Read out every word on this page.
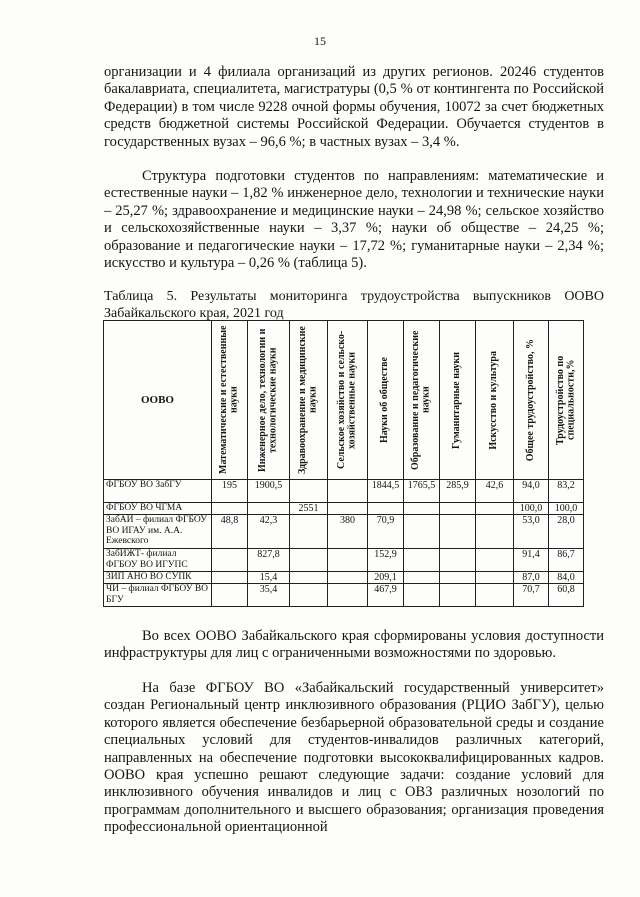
15

организации и 4 филиала организаций из других регионов. 20246 студентов бакалавриата, специалитета, магистратуры (0,5 % от контингента по Российской Федерации) в том числе 9228 очной формы обучения, 10072 за счет бюджетных средств бюджетной системы Российской Федерации. Обучается студентов в государственных вузах – 96,6 %; в частных вузах – 3,4 %.

Структура подготовки студентов по направлениям: математические и естественные науки – 1,82 % инженерное дело, технологии и технические науки – 25,27 %; здравоохранение и медицинские науки – 24,98 %; сельское хозяйство и сельскохозяйственные науки – 3,37 %; науки об обществе – 24,25 %; образование и педагогические науки – 17,72 %; гуманитарные науки – 2,34 %; искусство и культура – 0,26 % (таблица 5).

Таблица 5. Результаты мониторинга трудоустройства выпускников ООВО Забайкальского края, 2021 год

ООВО	Математические и естественные науки	Инженерное дело, технологии и технологические науки	Здравоохранение и медицинские науки	Сельское хозяйство и сельско-хозяйственные науки	Науки об обществе	Образование и педагогические науки	Гуманитарные науки	Искусство и культура	Общее трудоустройство, %	Трудоустройство по специальности,%

ФГБОУ ВО ЗабГУ	195	1900,5			1844,5	1765,5	285,9	42,6	94,0	83,2
ФГБОУ ВО ЧГМА			2551						100,0	100,0
ЗабАИ – филиал ФГБОУ ВО ИГАУ им. А.А. Ежевского	48,8	42,3		380	70,9				53,0	28,0
ЗабИЖТ- филиал ФГБОУ ВО ИГУПС		827,8			152,9				91,4	86,7
ЗИП АНО ВО СУПК		15,4			209,1				87,0	84,0
ЧИ – филиал ФГБОУ ВО БГУ		35,4			467,9				70,7	60,8

Во всех ООВО Забайкальского края сформированы условия доступности инфраструктуры для лиц с ограниченными возможностями по здоровью.

На базе ФГБОУ ВО «Забайкальский государственный университет» создан Региональный центр инклюзивного образования (РЦИО ЗабГУ), целью которого является обеспечение безбарьерной образовательной среды и создание специальных условий для студентов-инвалидов различных категорий, направленных на обеспечение подготовки высококвалифицированных кадров. ООВО края успешно решают следующие задачи: создание условий для инклюзивного обучения инвалидов и лиц с ОВЗ различных нозологий по программам дополнительного и высшего образования; организация проведения профессиональной ориентационной
